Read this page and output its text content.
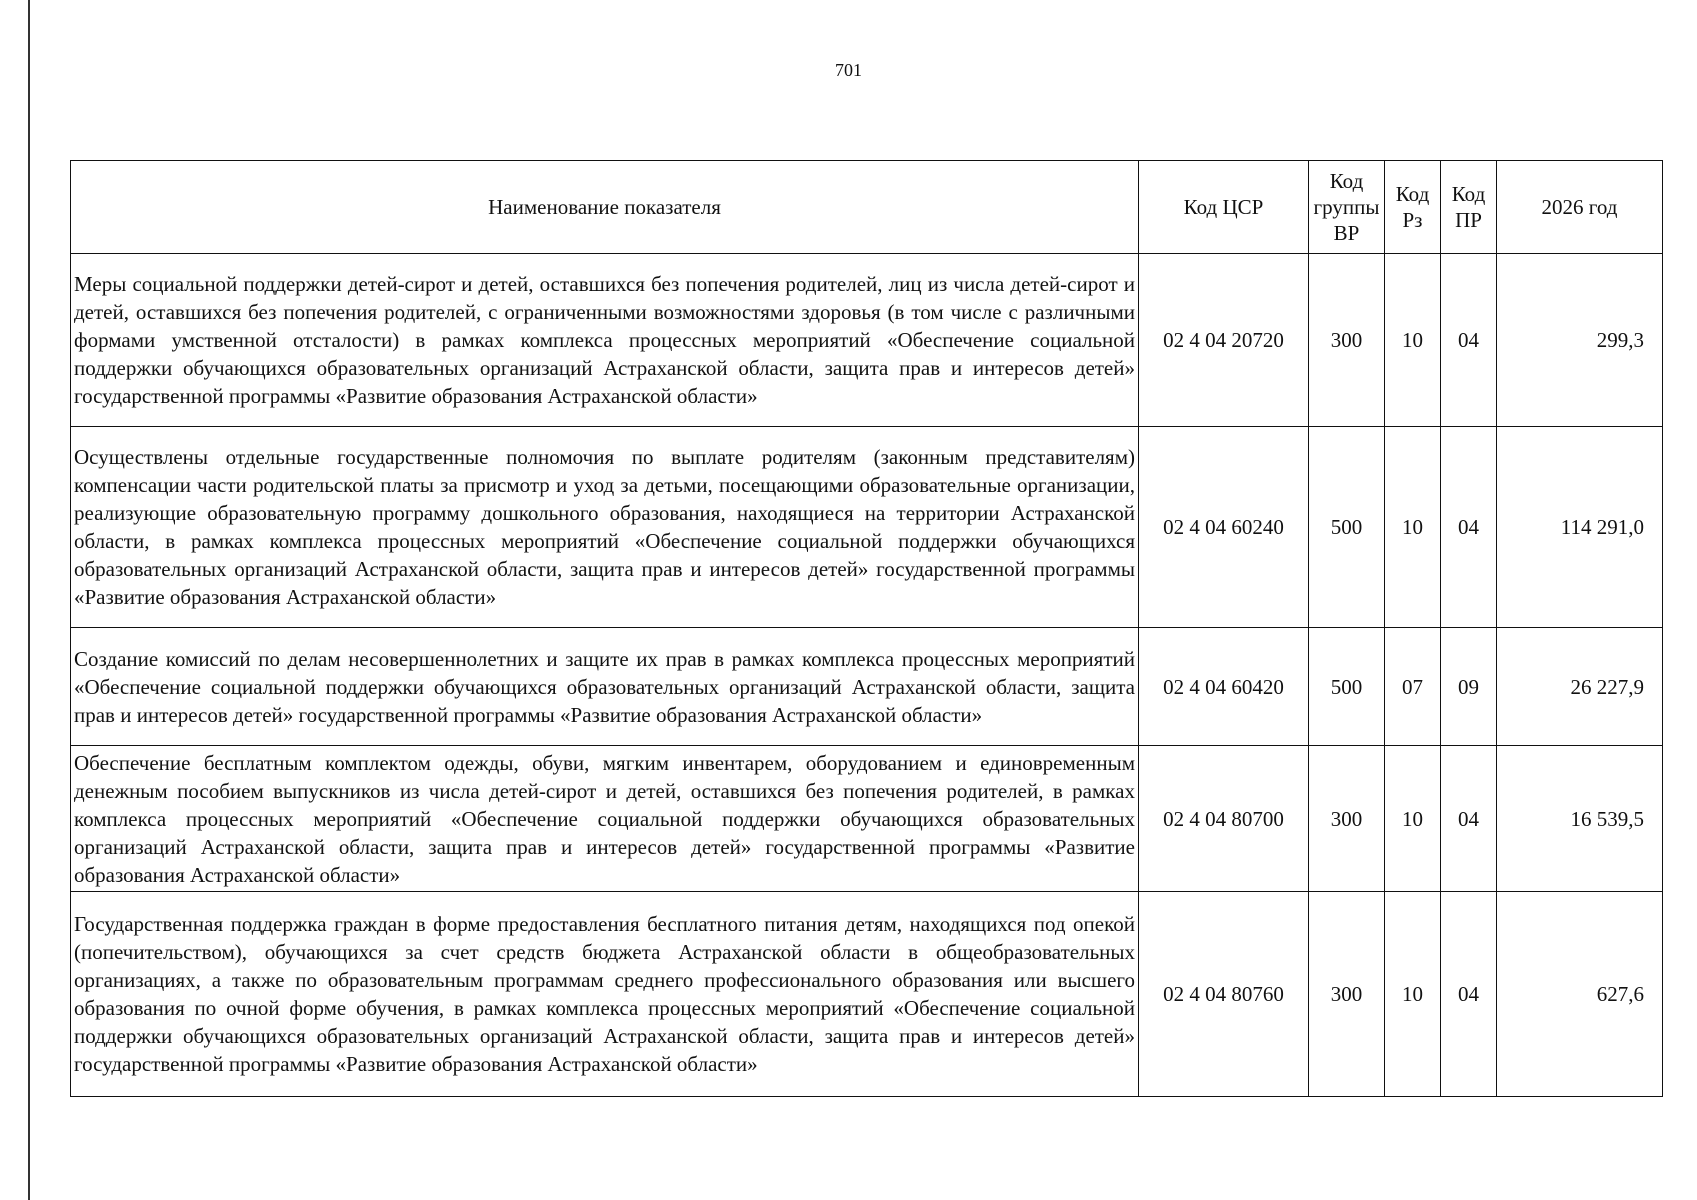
701
Наименование показателя	Код ЦСР	Код группы ВР	Код Рз	Код ПР	2026 год
Меры социальной поддержки детей-сирот и детей, оставшихся без попечения родителей, лиц из числа детей-сирот и детей, оставшихся без попечения родителей, с ограниченными возможностями здоровья (в том числе с различными формами умственной отсталости) в рамках комплекса процессных мероприятий «Обеспечение социальной поддержки обучающихся образовательных организаций Астраханской области, защита прав и интересов детей» государственной программы «Развитие образования Астраханской области»	02 4 04 20720	300	10	04	299,3
Осуществлены отдельные государственные полномочия по выплате родителям (законным представителям) компенсации части родительской платы за присмотр и уход за детьми, посещающими образовательные организации, реализующие образовательную программу дошкольного образования, находящиеся на территории Астраханской области, в рамках комплекса процессных мероприятий «Обеспечение социальной поддержки обучающихся образовательных организаций Астраханской области, защита прав и интересов детей» государственной программы «Развитие образования Астраханской области»	02 4 04 60240	500	10	04	114 291,0
Создание комиссий по делам несовершеннолетних и защите их прав в рамках комплекса процессных мероприятий «Обеспечение социальной поддержки обучающихся образовательных организаций Астраханской области, защита прав и интересов детей» государственной программы «Развитие образования Астраханской области»	02 4 04 60420	500	07	09	26 227,9
Обеспечение бесплатным комплектом одежды, обуви, мягким инвентарем, оборудованием и единовременным денежным пособием выпускников из числа детей-сирот и детей, оставшихся без попечения родителей, в рамках комплекса процессных мероприятий «Обеспечение социальной поддержки обучающихся образовательных организаций Астраханской области, защита прав и интересов детей» государственной программы «Развитие образования Астраханской области»	02 4 04 80700	300	10	04	16 539,5
Государственная поддержка граждан в форме предоставления бесплатного питания детям, находящихся под опекой (попечительством), обучающихся за счет средств бюджета Астраханской области в общеобразовательных организациях, а также по образовательным программам среднего профессионального образования или высшего образования по очной форме обучения, в рамках комплекса процессных мероприятий «Обеспечение социальной поддержки обучающихся образовательных организаций Астраханской области, защита прав и интересов детей» государственной программы «Развитие образования Астраханской области»	02 4 04 80760	300	10	04	627,6
